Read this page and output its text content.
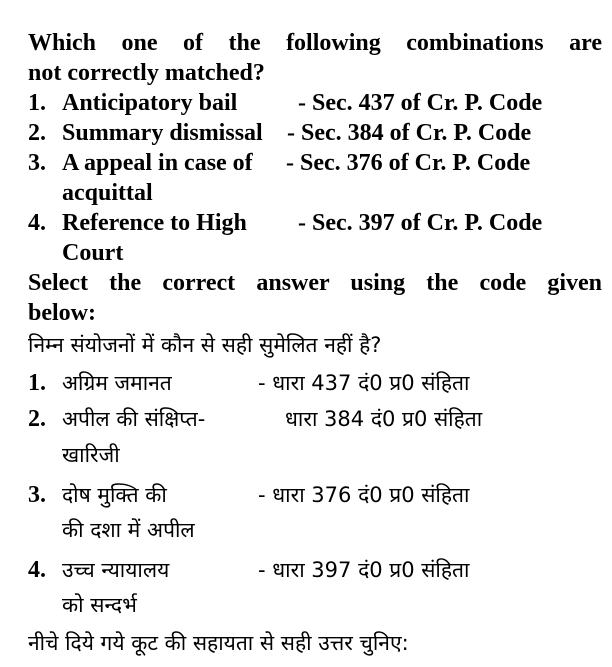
Which one of the following combinations are
not correctly matched?
1. Anticipatory bail	- Sec. 437 of Cr. P. Code
2. Summary dismissal - Sec. 384 of Cr. P. Code
3. A appeal in case of - Sec. 376 of Cr. P. Code
acquittal
4. Reference to High - Sec. 397 of Cr. P. Code
Court
Select the correct answer using the code given
below:
निम्न संयोजनों में कौन से सही सुमेलित नहीं है?
1. अग्रिम जमानत	- धारा 437 दं0 प्र0 संहिता
2. अपील की संक्षिप्त-	धारा 384 दं0 प्र0 संहिता
खारिजी
3. दोष मुक्ति की	- धारा 376 दं0 प्र0 संहिता
की दशा में अपील
4. उच्च न्यायालय	- धारा 397 दं0 प्र0 संहिता
को सन्दर्भ
नीचे दिये गये कूट की सहायता से सही उत्तर चुनिए:
